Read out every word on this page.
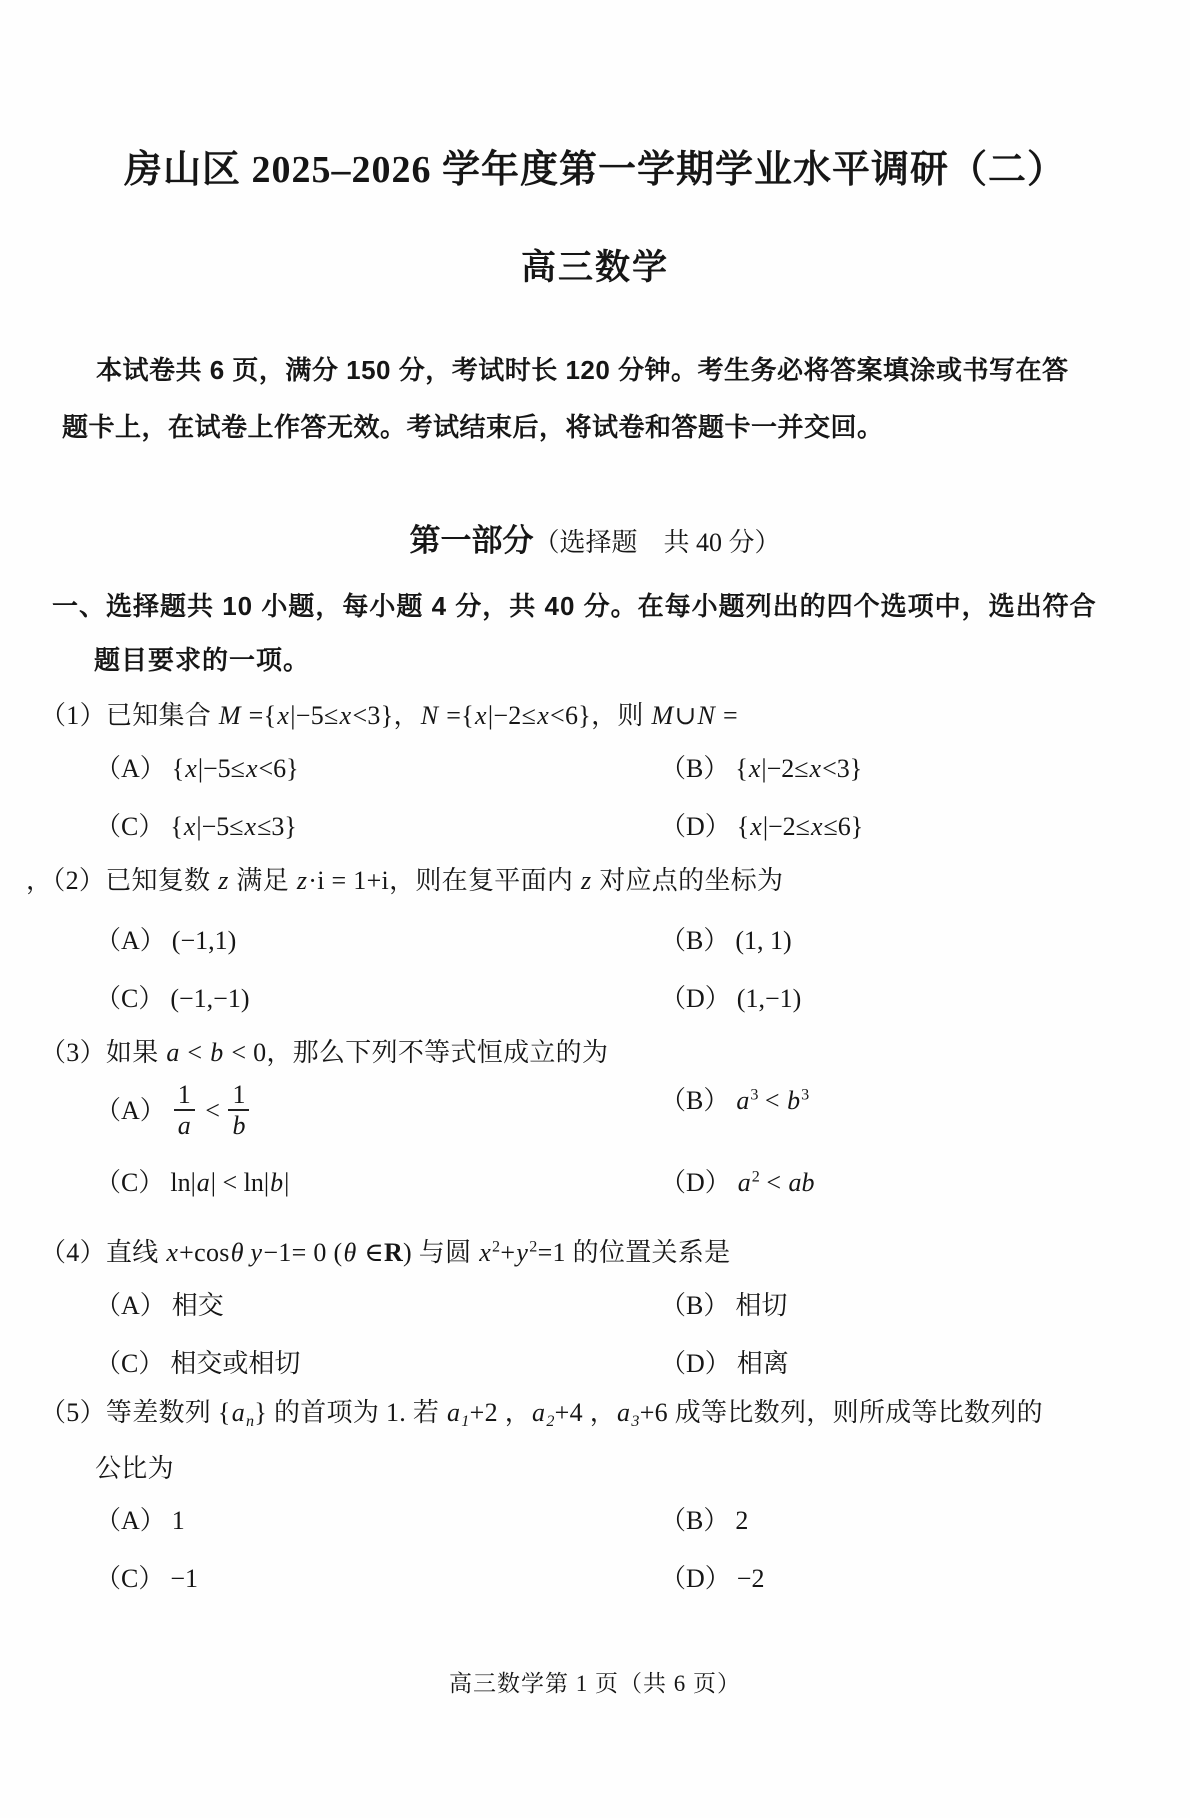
房山区 2025–2026 学年度第一学期学业水平调研（二）
高三数学
本试卷共 6 页，满分 150 分，考试时长 120 分钟。考生务必将答案填涂或书写在答
题卡上，在试卷上作答无效。考试结束后，将试卷和答题卡一并交回。
第一部分（选择题　共 40 分）
一、选择题共 10 小题，每小题 4 分，共 40 分。在每小题列出的四个选项中，选出符合
题目要求的一项。
（1）已知集合 M ={x|−5≤x<3}，N ={x|−2≤x<6}，则 M∪N =
（A） {x|−5≤x<6}	（B） {x|−2≤x<3}
（C） {x|−5≤x≤3}	（D） {x|−2≤x≤6}
，（2）已知复数 z 满足 z·i = 1+i，则在复平面内 z 对应点的坐标为
（A） (−1,1)	（B） (1, 1)
（C） (−1,−1)	（D） (1,−1)
（3）如果 a < b < 0，那么下列不等式恒成立的为
$(A) \frac{1}{a} < \frac{1}{b}$	（B） $a^3 < b^3$
（C） ln|a| < ln|b|	（D） $a^2$ < ab
（4）直线 x+cosθ y−1= 0 (θ ∈R) 与圆 $x^2+y^2=1$ 的位置关系是
（A） 相交	（B） 相切
（C） 相交或相切	（D） 相离
（5）等差数列 $\{a_n\}$ 的首项为 1. 若 $a_1+2$ ，$a_2+4$ ，$a_3+6$ 成等比数列，则所成等比数列的
公比为
（A） 1	（B） 2
（C） −1	（D） −2
高三数学第 1 页（共 6 页）
